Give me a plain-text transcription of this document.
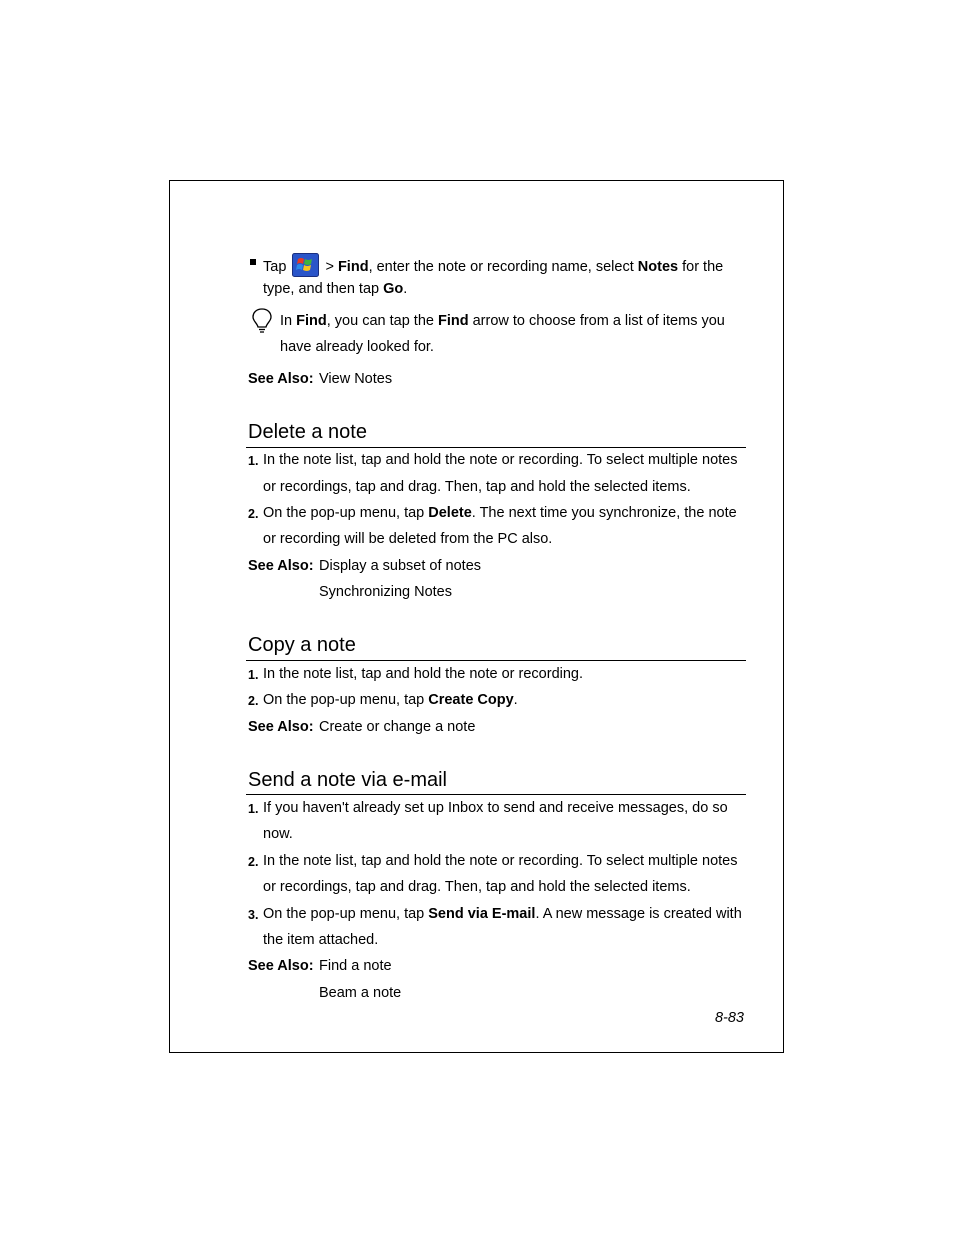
Tap  > Find, enter the note or recording name, select Notes for the
type, and then tap Go.
In Find, you can tap the Find arrow to choose from a list of items you
have already looked for.
See Also: View Notes
Delete a note
1. In the note list, tap and hold the note or recording. To select multiple notes
or recordings, tap and drag. Then, tap and hold the selected items.
2. On the pop-up menu, tap Delete. The next time you synchronize, the note
or recording will be deleted from the PC also.
See Also: Display a subset of notes
Synchronizing Notes
Copy a note
1. In the note list, tap and hold the note or recording.
2. On the pop-up menu, tap Create Copy.
See Also: Create or change a note
Send a note via e-mail
1. If you haven't already set up Inbox to send and receive messages, do so
now.
2. In the note list, tap and hold the note or recording. To select multiple notes
or recordings, tap and drag. Then, tap and hold the selected items.
3. On the pop-up menu, tap Send via E-mail. A new message is created with
the item attached.
See Also: Find a note
Beam a note
8-83
